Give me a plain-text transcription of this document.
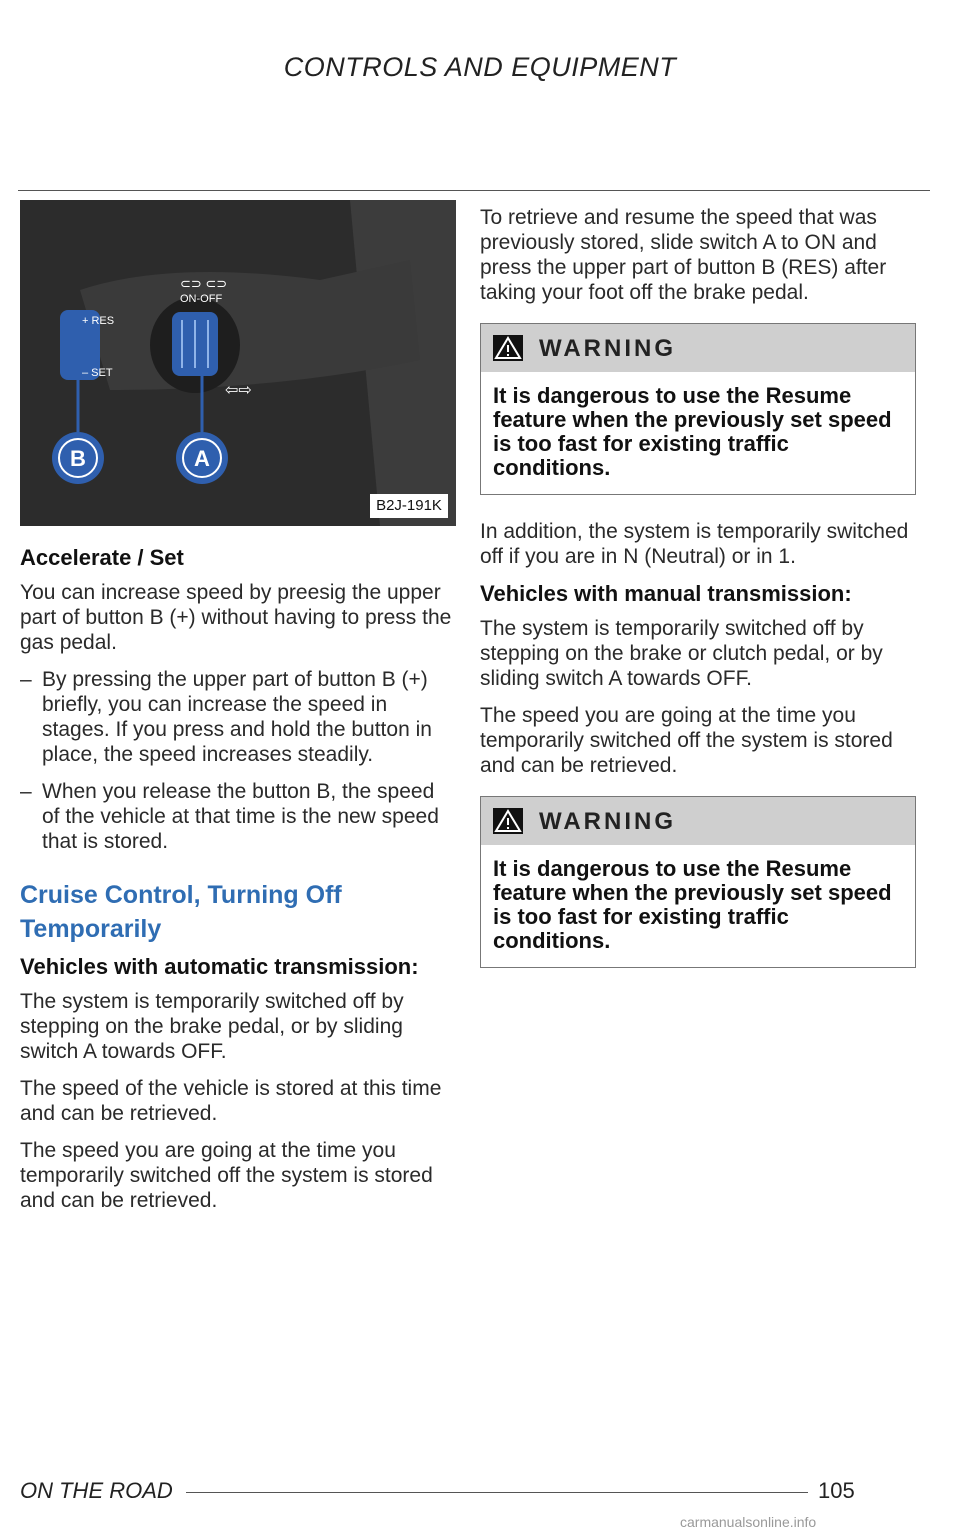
CONTROLS AND EQUIPMENT
B	A
+ RES
– SET
ON-OFF
⇦⇨
⊂⊃ ⊂⊃
B2J-191K
Accelerate / Set

You can increase speed by preesig the upper part of button B (+) without having to press the gas pedal.

– By pressing the upper part of button B (+) briefly, you can increase the speed in stages. If you press and hold the button in place, the speed increases steadily.
– When you release the button B, the speed of the vehicle at that time is the new speed that is stored.
Cruise Control, Turning Off Temporarily
Vehicles with automatic transmission:

The system is temporarily switched off by stepping on the brake pedal, or by sliding switch A towards OFF.

The speed of the vehicle is stored at this time and can be retrieved.

The speed you are going at the time you temporarily switched off the system is stored and can be retrieved.

To retrieve and resume the speed that was previously stored, slide switch A to ON and press the upper part of button B (RES) after taking your foot off the brake pedal.

WARNING
It is dangerous to use the Resume feature when the previously set speed is too fast for existing traffic conditions.

In addition, the system is temporarily switched off if you are in N (Neutral) or in 1.

Vehicles with manual transmission:

The system is temporarily switched off by stepping on the brake or clutch pedal, or by sliding switch A towards OFF.

The speed you are going at the time you temporarily switched off the system is stored and can be retrieved.

WARNING
It is dangerous to use the Resume feature when the previously set speed is too fast for existing traffic conditions.
ON THE ROAD	105
carmanualsonline.info
